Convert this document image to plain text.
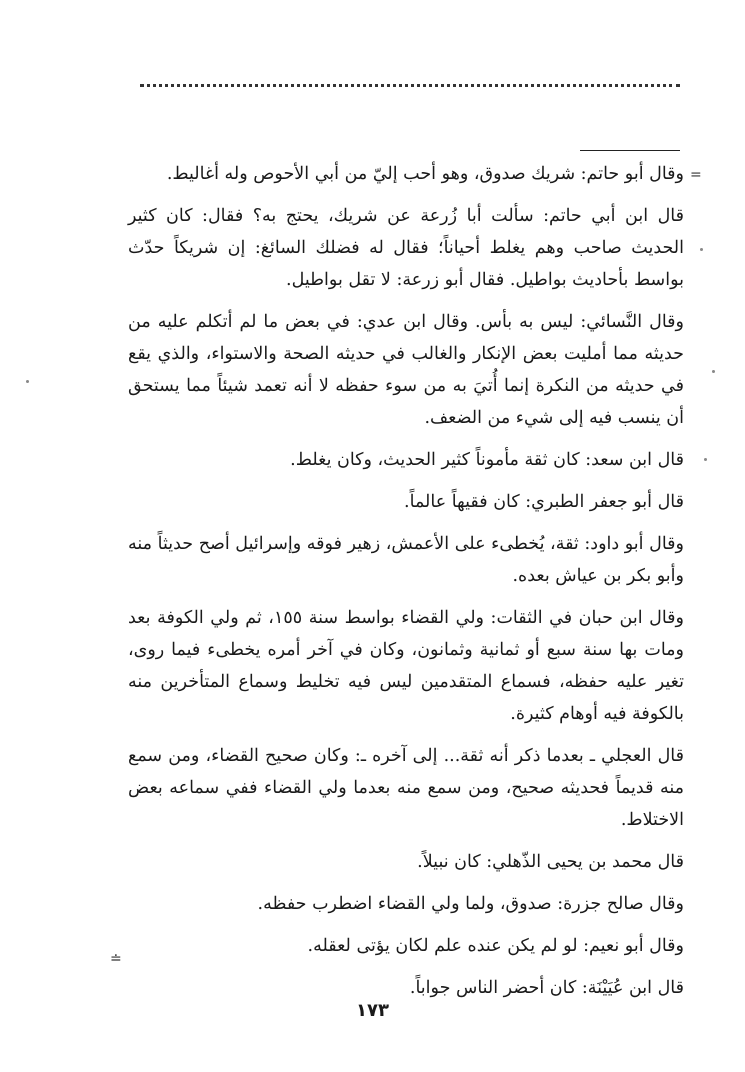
=
≐

وقال أبو حاتم: شريك صدوق، وهو أحب إليّ من أبي الأحوص وله أغاليط.

قال ابن أبي حاتم: سألت أبا زُرعة عن شريك، يحتج به؟ فقال: كان كثير الحديث صاحب وهم يغلط أحياناً؛ فقال له فضلك السائغ: إن شريكاً حدّث بواسط بأحاديث بواطيل. فقال أبو زرعة: لا تقل بواطيل.

وقال النَّسائي: ليس به بأس. وقال ابن عدي: في بعض ما لم أتكلم عليه من حديثه مما أمليت بعض الإنكار والغالب في حديثه الصحة والاستواء، والذي يقع في حديثه من النكرة إنما أُتيَ به من سوء حفظه لا أنه تعمد شيئاً مما يستحق أن ينسب فيه إلى شيء من الضعف.

قال ابن سعد: كان ثقة مأموناً كثير الحديث، وكان يغلط.

قال أبو جعفر الطبري: كان فقيهاً عالماً.

وقال أبو داود: ثقة، يُخطىء على الأعمش، زهير فوقه وإسرائيل أصح حديثاً منه وأبو بكر بن عياش بعده.

وقال ابن حبان في الثقات: ولي القضاء بواسط سنة ١٥٥، ثم ولي الكوفة بعد ومات بها سنة سبع أو ثمانية وثمانون، وكان في آخر أمره يخطىء فيما روى، تغير عليه حفظه، فسماع المتقدمين ليس فيه تخليط وسماع المتأخرين منه بالكوفة فيه أوهام كثيرة.

قال العجلي ـ بعدما ذكر أنه ثقة... إلى آخره ـ: وكان صحيح القضاء، ومن سمع منه قديماً فحديثه صحيح، ومن سمع منه بعدما ولي القضاء ففي سماعه بعض الاختلاط.

قال محمد بن يحيى الذّهلي: كان نبيلاً.

وقال صالح جزرة: صدوق، ولما ولي القضاء اضطرب حفظه.

وقال أبو نعيم: لو لم يكن عنده علم لكان يؤتى لعقله.

قال ابن عُيَيْنَة: كان أحضر الناس جواباً.

١٧٣
